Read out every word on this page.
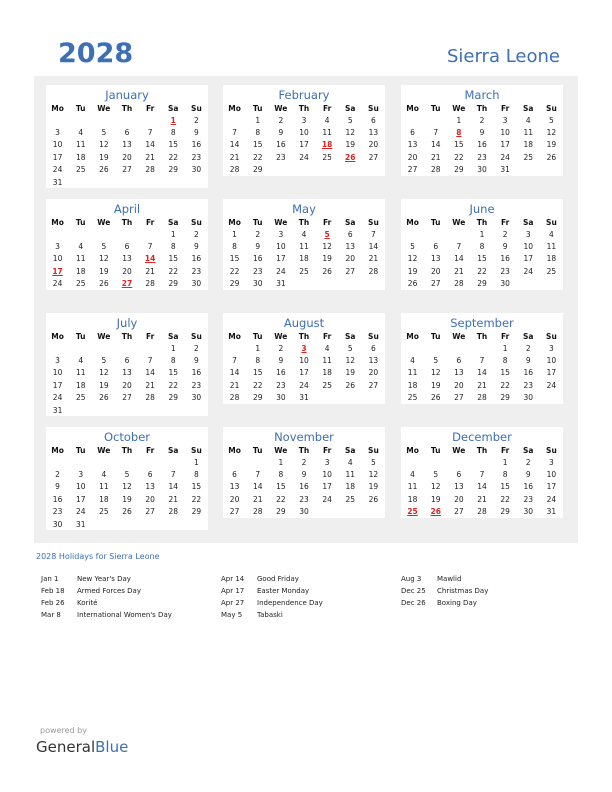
2028	Sierra Leone
January
Mo	Tu	We	Th	Fr	Sa	Su
					1	2
3	4	5	6	7	8	9
10	11	12	13	14	15	16
17	18	19	20	21	22	23
24	25	26	27	28	29	30
31						
February
Mo	Tu	We	Th	Fr	Sa	Su
	1	2	3	4	5	6
7	8	9	10	11	12	13
14	15	16	17	18	19	20
21	22	23	24	25	26	27
28	29					
March
Mo	Tu	We	Th	Fr	Sa	Su
		1	2	3	4	5
6	7	8	9	10	11	12
13	14	15	16	17	18	19
20	21	22	23	24	25	26
27	28	29	30	31		
April
Mo	Tu	We	Th	Fr	Sa	Su
					1	2
3	4	5	6	7	8	9
10	11	12	13	14	15	16
17	18	19	20	21	22	23
24	25	26	27	28	29	30
May
Mo	Tu	We	Th	Fr	Sa	Su
1	2	3	4	5	6	7
8	9	10	11	12	13	14
15	16	17	18	19	20	21
22	23	24	25	26	27	28
29	30	31				
June
Mo	Tu	We	Th	Fr	Sa	Su
			1	2	3	4
5	6	7	8	9	10	11
12	13	14	15	16	17	18
19	20	21	22	23	24	25
26	27	28	29	30		
July
Mo	Tu	We	Th	Fr	Sa	Su
					1	2
3	4	5	6	7	8	9
10	11	12	13	14	15	16
17	18	19	20	21	22	23
24	25	26	27	28	29	30
31						
August
Mo	Tu	We	Th	Fr	Sa	Su
	1	2	3	4	5	6
7	8	9	10	11	12	13
14	15	16	17	18	19	20
21	22	23	24	25	26	27
28	29	30	31			
September
Mo	Tu	We	Th	Fr	Sa	Su
				1	2	3
4	5	6	7	8	9	10
11	12	13	14	15	16	17
18	19	20	21	22	23	24
25	26	27	28	29	30	
October
Mo	Tu	We	Th	Fr	Sa	Su
						1
2	3	4	5	6	7	8
9	10	11	12	13	14	15
16	17	18	19	20	21	22
23	24	25	26	27	28	29
30	31					
November
Mo	Tu	We	Th	Fr	Sa	Su
		1	2	3	4	5
6	7	8	9	10	11	12
13	14	15	16	17	18	19
20	21	22	23	24	25	26
27	28	29	30			
December
Mo	Tu	We	Th	Fr	Sa	Su
				1	2	3
4	5	6	7	8	9	10
11	12	13	14	15	16	17
18	19	20	21	22	23	24
25	26	27	28	29	30	31
2028 Holidays for Sierra Leone
Jan 1	New Year's Day
Feb 18 Armed Forces Day
Feb 26 Korité
Mar 8 International Women's Day
Apr 14 Good Friday
Apr 17 Easter Monday
Apr 27 Independence Day
May 5 Tabaski
Aug 3 Mawlid
Dec 25 Christmas Day
Dec 26 Boxing Day
powered by
GeneralBlue
